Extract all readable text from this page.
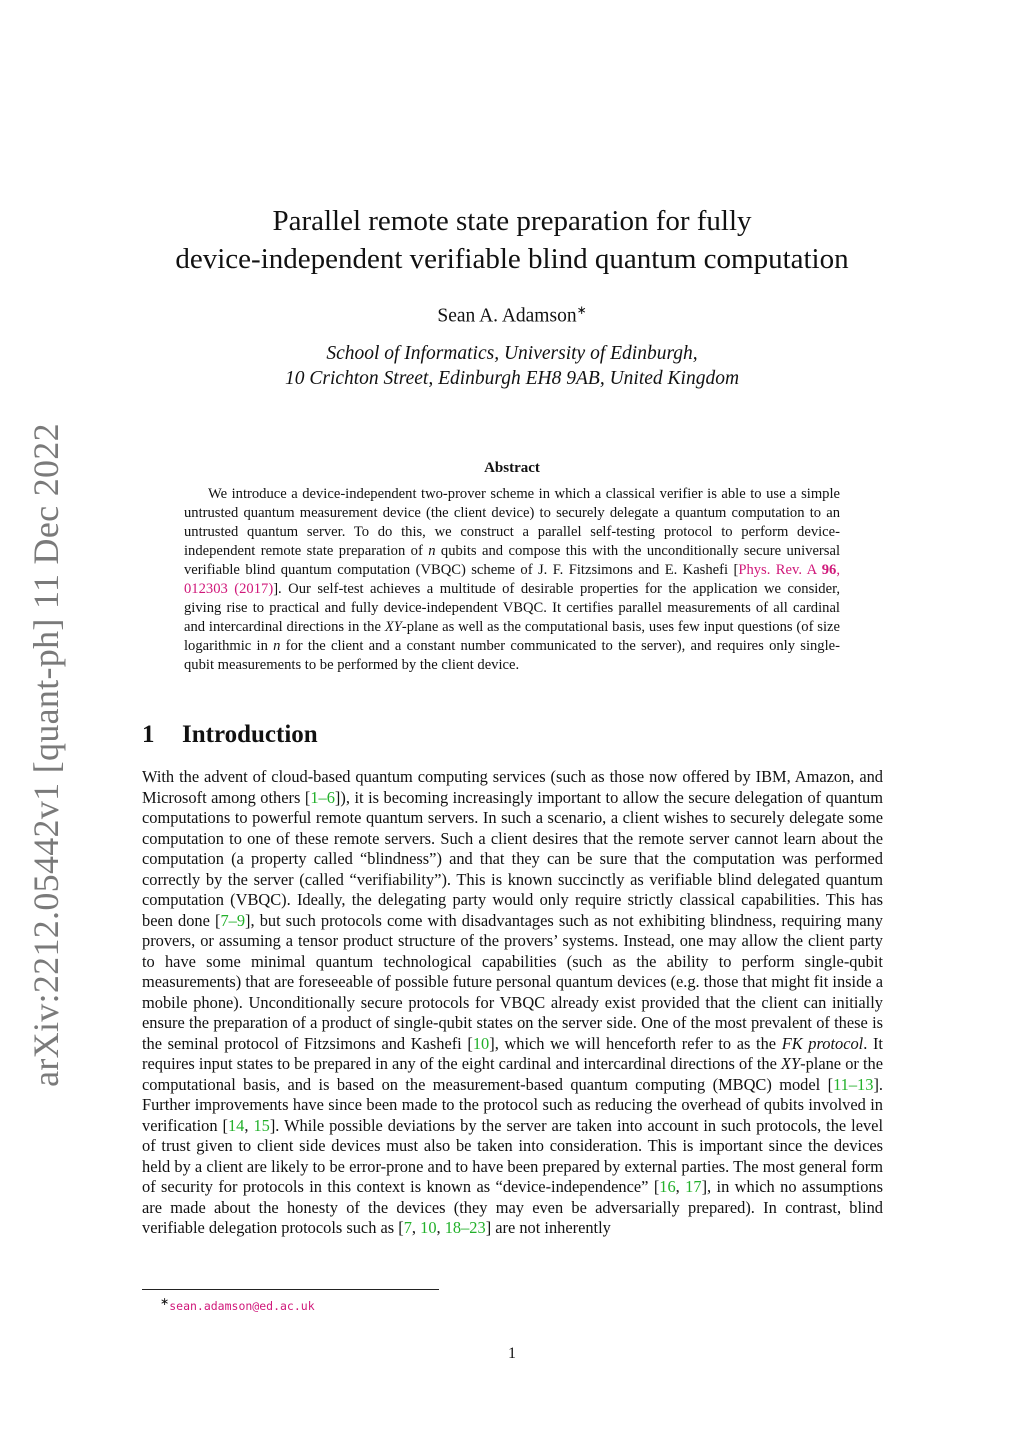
arXiv:2212.05442v1 [quant-ph] 11 Dec 2022
Parallel remote state preparation for fully
device-independent verifiable blind quantum computation
Sean A. Adamson∗
School of Informatics, University of Edinburgh,
10 Crichton Street, Edinburgh EH8 9AB, United Kingdom
Abstract
We introduce a device-independent two-prover scheme in which a classical verifier is able to use a simple untrusted quantum measurement device (the client device) to securely delegate a quantum computation to an untrusted quantum server. To do this, we construct a parallel self-testing protocol to perform device-independent remote state preparation of n qubits and compose this with the unconditionally secure universal verifiable blind quantum computation (VBQC) scheme of J. F. Fitzsimons and E. Kashefi [Phys. Rev. A 96, 012303 (2017)]. Our self-test achieves a multitude of desirable properties for the application we consider, giving rise to practical and fully device-independent VBQC. It certifies parallel measurements of all cardinal and intercardinal directions in the XY-plane as well as the computational basis, uses few input questions (of size logarithmic in n for the client and a constant number communicated to the server), and requires only single-qubit measurements to be performed by the client device.
1 Introduction
With the advent of cloud-based quantum computing services (such as those now offered by IBM, Amazon, and Microsoft among others [1–6]), it is becoming increasingly important to allow the secure delegation of quantum computations to powerful remote quantum servers. In such a scenario, a client wishes to securely delegate some computation to one of these remote servers. Such a client desires that the remote server cannot learn about the computation (a property called “blindness”) and that they can be sure that the computation was performed correctly by the server (called “verifiability”). This is known succinctly as verifiable blind delegated quantum computation (VBQC). Ideally, the delegating party would only require strictly classical capabilities. This has been done [7–9], but such protocols come with disadvantages such as not exhibiting blindness, requiring many provers, or assuming a tensor product structure of the provers’ systems. Instead, one may allow the client party to have some minimal quantum technological capabilities (such as the ability to perform single-qubit measurements) that are foreseeable of possible future personal quantum devices (e.g. those that might fit inside a mobile phone). Unconditionally secure protocols for VBQC already exist provided that the client can initially ensure the preparation of a product of single-qubit states on the server side. One of the most prevalent of these is the seminal protocol of Fitzsimons and Kashefi [10], which we will henceforth refer to as the FK protocol. It requires input states to be prepared in any of the eight cardinal and intercardinal directions of the XY-plane or the computational basis, and is based on the measurement-based quantum computing (MBQC) model [11–13]. Further improvements have since been made to the protocol such as reducing the overhead of qubits involved in verification [14, 15]. While possible deviations by the server are taken into account in such protocols, the level of trust given to client side devices must also be taken into consideration. This is important since the devices held by a client are likely to be error-prone and to have been prepared by external parties. The most general form of security for protocols in this context is known as “device-independence” [16, 17], in which no assumptions are made about the honesty of the devices (they may even be adversarially prepared). In contrast, blind verifiable delegation protocols such as [7, 10, 18–23] are not inherently
∗sean.adamson@ed.ac.uk
1
